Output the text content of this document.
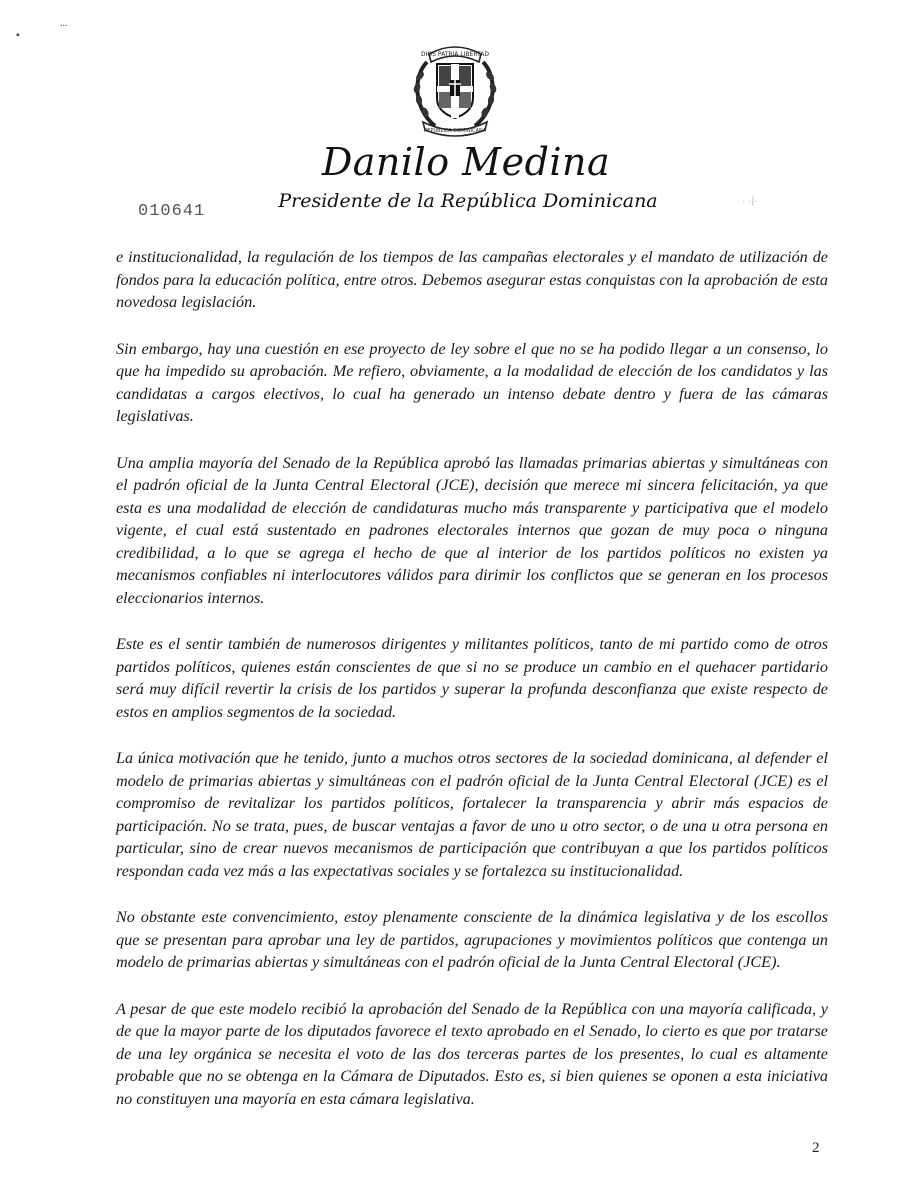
▪
...
DIOS PATRIA LIBERTAD
REPÚBLICA DOMINICANA
Danilo Medina
Presidente de la República Dominicana
010641
· ·|·

e institucionalidad, la regulación de los tiempos de las campañas electorales y el mandato de utilización de fondos para la educación política, entre otros. Debemos asegurar estas conquistas con la aprobación de esta novedosa legislación.

Sin embargo, hay una cuestión en ese proyecto de ley sobre el que no se ha podido llegar a un consenso, lo que ha impedido su aprobación. Me refiero, obviamente, a la modalidad de elección de los candidatos y las candidatas a cargos electivos, lo cual ha generado un intenso debate dentro y fuera de las cámaras legislativas.

Una amplia mayoría del Senado de la República aprobó las llamadas primarias abiertas y simultáneas con el padrón oficial de la Junta Central Electoral (JCE), decisión que merece mi sincera felicitación, ya que esta es una modalidad de elección de candidaturas mucho más transparente y participativa que el modelo vigente, el cual está sustentado en padrones electorales internos que gozan de muy poca o ninguna credibilidad, a lo que se agrega el hecho de que al interior de los partidos políticos no existen ya mecanismos confiables ni interlocutores válidos para dirimir los conflictos que se generan en los procesos eleccionarios internos.

Este es el sentir también de numerosos dirigentes y militantes políticos, tanto de mi partido como de otros partidos políticos, quienes están conscientes de que si no se produce un cambio en el quehacer partidario será muy difícil revertir la crisis de los partidos y superar la profunda desconfianza que existe respecto de estos en amplios segmentos de la sociedad.

La única motivación que he tenido, junto a muchos otros sectores de la sociedad dominicana, al defender el modelo de primarias abiertas y simultáneas con el padrón oficial de la Junta Central Electoral (JCE) es el compromiso de revitalizar los partidos políticos, fortalecer la transparencia y abrir más espacios de participación. No se trata, pues, de buscar ventajas a favor de uno u otro sector, o de una u otra persona en particular, sino de crear nuevos mecanismos de participación que contribuyan a que los partidos políticos respondan cada vez más a las expectativas sociales y se fortalezca su institucionalidad.

No obstante este convencimiento, estoy plenamente consciente de la dinámica legislativa y de los escollos que se presentan para aprobar una ley de partidos, agrupaciones y movimientos políticos que contenga un modelo de primarias abiertas y simultáneas con el padrón oficial de la Junta Central Electoral (JCE).

A pesar de que este modelo recibió la aprobación del Senado de la República con una mayoría calificada, y de que la mayor parte de los diputados favorece el texto aprobado en el Senado, lo cierto es que por tratarse de una ley orgánica se necesita el voto de las dos terceras partes de los presentes, lo cual es altamente probable que no se obtenga en la Cámara de Diputados. Esto es, si bien quienes se oponen a esta iniciativa no constituyen una mayoría en esta cámara legislativa.

2
